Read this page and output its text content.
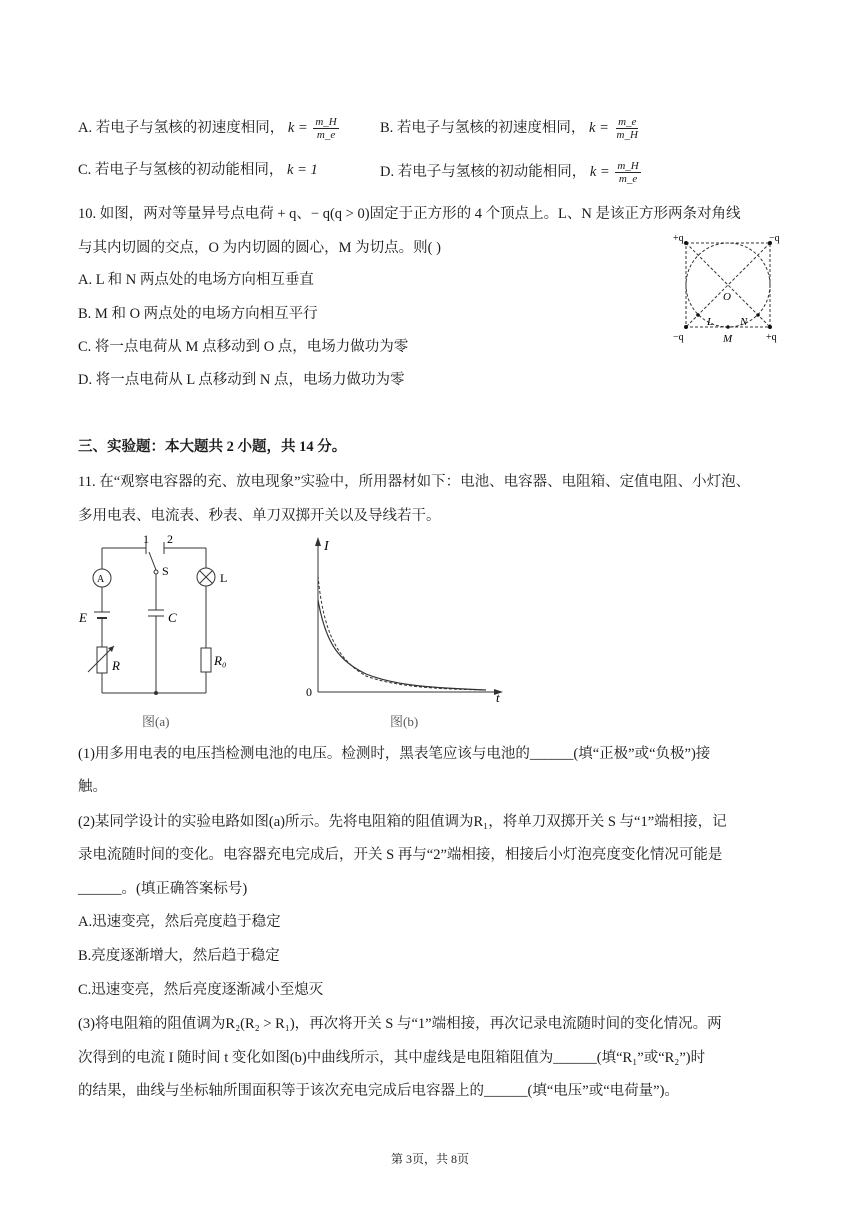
A. 若电子与氢核的初速度相同， $k = \frac{m\_H}{m\_e}$	B. 若电子与氢核的初速度相同， $k = \frac{m\_e}{m\_H}$
C. 若电子与氢核的初动能相同， k = 1	D. 若电子与氢核的初动能相同， $k = \frac{m\_H}{m\_e}$
10. 如图，两对等量异号点电荷 + q、− q(q > 0)固定于正方形的 4 个顶点上。L、N 是该正方形两条对角线
与其内切圆的交点，O 为内切圆的圆心，M 为切点。则( )
A. L 和 N 两点处的电场方向相互垂直
B. M 和 O 两点处的电场方向相互平行
C. 将一点电荷从 M 点移动到 O 点，电场力做功为零
D. 将一点电荷从 L 点移动到 N 点，电场力做功为零
+q	−q
−q	+q
O
L N
M
三、实验题：本大题共 2 小题，共 14 分。
11. 在“观察电容器的充、放电现象”实验中，所用器材如下：电池、电容器、电阻箱、定值电阻、小灯泡、
多用电表、电流表、秒表、单刀双掷开关以及导线若干。
1 2
S
A	L
E	C
R	R₀
图(a)
I
t
0
图(b)
(1)用多用电表的电压挡检测电池的电压。检测时，黑表笔应该与电池的______(填“正极”或“负极”)接
触。
(2)某同学设计的实验电路如图(a)所示。先将电阻箱的阻值调为R₁，将单刀双掷开关 S 与“1”端相接，记
录电流随时间的变化。电容器充电完成后，开关 S 再与“2”端相接，相接后小灯泡亮度变化情况可能是
______。(填正确答案标号)
A.迅速变亮，然后亮度趋于稳定
B.亮度逐渐增大，然后趋于稳定
C.迅速变亮，然后亮度逐渐减小至熄灭
(3)将电阻箱的阻值调为R₂(R₂ > R₁)，再次将开关 S 与“1”端相接，再次记录电流随时间的变化情况。两
次得到的电流 I 随时间 t 变化如图(b)中曲线所示，其中虚线是电阻箱阻值为______(填“R₁”或“R₂”)时
的结果，曲线与坐标轴所围面积等于该次充电完成后电容器上的______(填“电压”或“电荷量”)。
第 3页，共 8页
